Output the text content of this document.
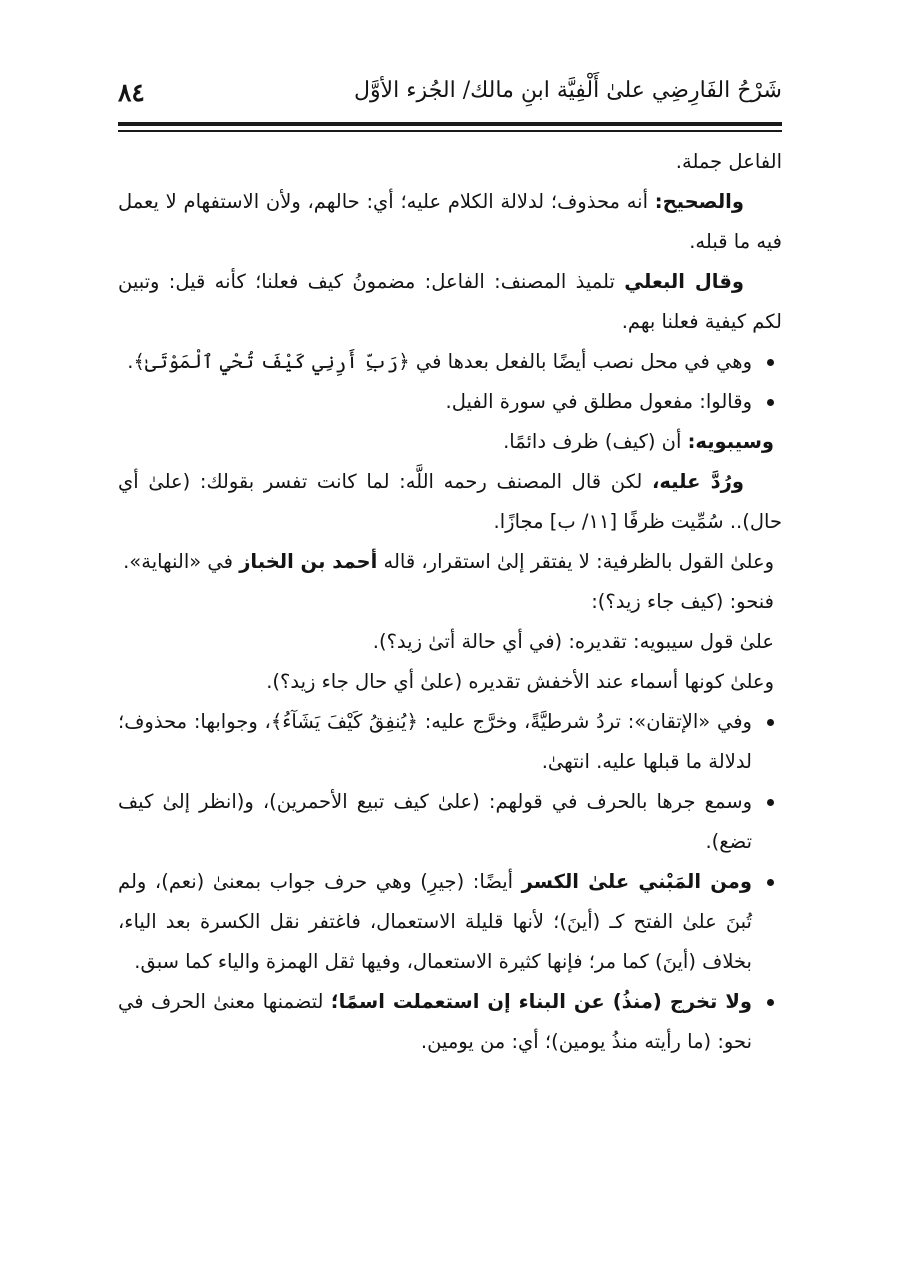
٨٤	شَرْحُ الفَارِضِي علىٰ أَلْفِيَّة ابنِ مالك/ الجُزء الأوَّل

الفاعل جملة.

والصحيح: أنه محذوف؛ لدلالة الكلام عليه؛ أي: حالهم، ولأن الاستفهام لا يعمل فيه ما قبله.

وقال البعلي تلميذ المصنف: الفاعل: مضمونُ كيف فعلنا؛ كأنه قيل: وتبين لكم كيفية فعلنا بهم.

وهي في محل نصب أيضًا بالفعل بعدها في ﴿رَبِّ أَرِنِي كَيْفَ تُحْيِ ٱلْمَوْتَىٰ﴾.

وقالوا: مفعول مطلق في سورة الفيل.

وسيبويه: أن (كيف) ظرف دائمًا.

ورُدَّ عليه، لكن قال المصنف رحمه اللَّه: لما كانت تفسر بقولك: (علىٰ أي حال).. سُمِّيت ظرفًا [١١/ ب] مجازًا.

وعلىٰ القول بالظرفية: لا يفتقر إلىٰ استقرار، قاله أحمد بن الخباز في «النهاية».

فنحو: (كيف جاء زيد؟):

علىٰ قول سيبويه: تقديره: (في أي حالة أتىٰ زيد؟).

وعلىٰ كونها أسماء عند الأخفش تقديره (علىٰ أي حال جاء زيد؟).

وفي «الإتقان»: تردُ شرطيَّةً، وخرَّج عليه: ﴿يُنفِقُ كَيْفَ يَشَآءُ﴾، وجوابها: محذوف؛ لدلالة ما قبلها عليه. انتهىٰ.

وسمع جرها بالحرف في قولهم: (علىٰ كيف تبيع الأحمرين)، و(انظر إلىٰ كيف تضع).

ومن المَبْني علىٰ الكسر أيضًا: (جيرِ) وهي حرف جواب بمعنىٰ (نعم)، ولم تُبنَ علىٰ الفتح كـ (أينَ)؛ لأنها قليلة الاستعمال، فاغتفر نقل الكسرة بعد الياء، بخلاف (أينَ) كما مر؛ فإنها كثيرة الاستعمال، وفيها ثقل الهمزة والياء كما سبق.

ولا تخرج (منذُ) عن البناء إن استعملت اسمًا؛ لتضمنها معنىٰ الحرف في نحو: (ما رأيته منذُ يومين)؛ أي: من يومين.
